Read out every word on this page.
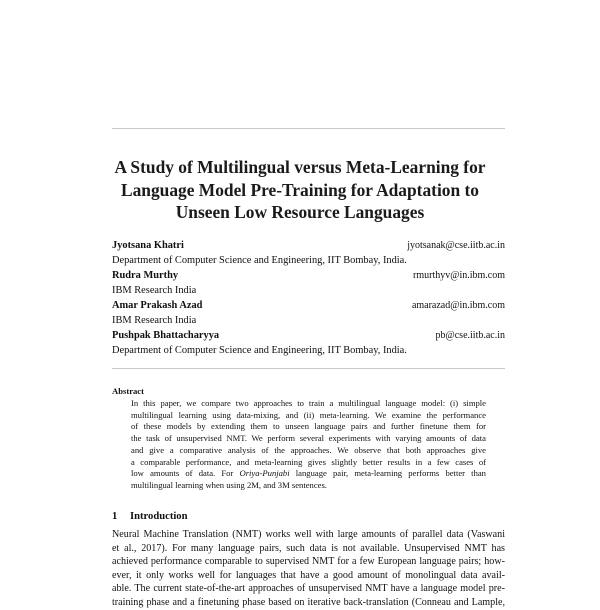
A Study of Multilingual versus Meta-Learning for
Language Model Pre-Training for Adaptation to
Unseen Low Resource Languages
Jyotsana Khatri	jyotsanak@cse.iitb.ac.in
Department of Computer Science and Engineering, IIT Bombay, India.
Rudra Murthy	rmurthyv@in.ibm.com
IBM Research India
Amar Prakash Azad	amarazad@in.ibm.com
IBM Research India
Pushpak Bhattacharyya	pb@cse.iitb.ac.in
Department of Computer Science and Engineering, IIT Bombay, India.
Abstract
In this paper, we compare two approaches to train a multilingual language model: (i) simple
multilingual learning using data-mixing, and (ii) meta-learning. We examine the performance
of these models by extending them to unseen language pairs and further finetune them for
the task of unsupervised NMT. We perform several experiments with varying amounts of data
and give a comparative analysis of the approaches. We observe that both approaches give
a comparable performance, and meta-learning gives slightly better results in a few cases of
low amounts of data. For Oriya-Punjabi language pair, meta-learning performs better than
multilingual learning when using 2M, and 3M sentences.
1 Introduction
Neural Machine Translation (NMT) works well with large amounts of parallel data (Vaswani
et al., 2017). For many language pairs, such data is not available. Unsupervised NMT has
achieved performance comparable to supervised NMT for a few European language pairs; how-
ever, it only works well for languages that have a good amount of monolingual data avail-
able. The current state-of-the-art approaches of unsupervised NMT have a language model pre-
training phase and a finetuning phase based on iterative back-translation (Conneau and Lample,
